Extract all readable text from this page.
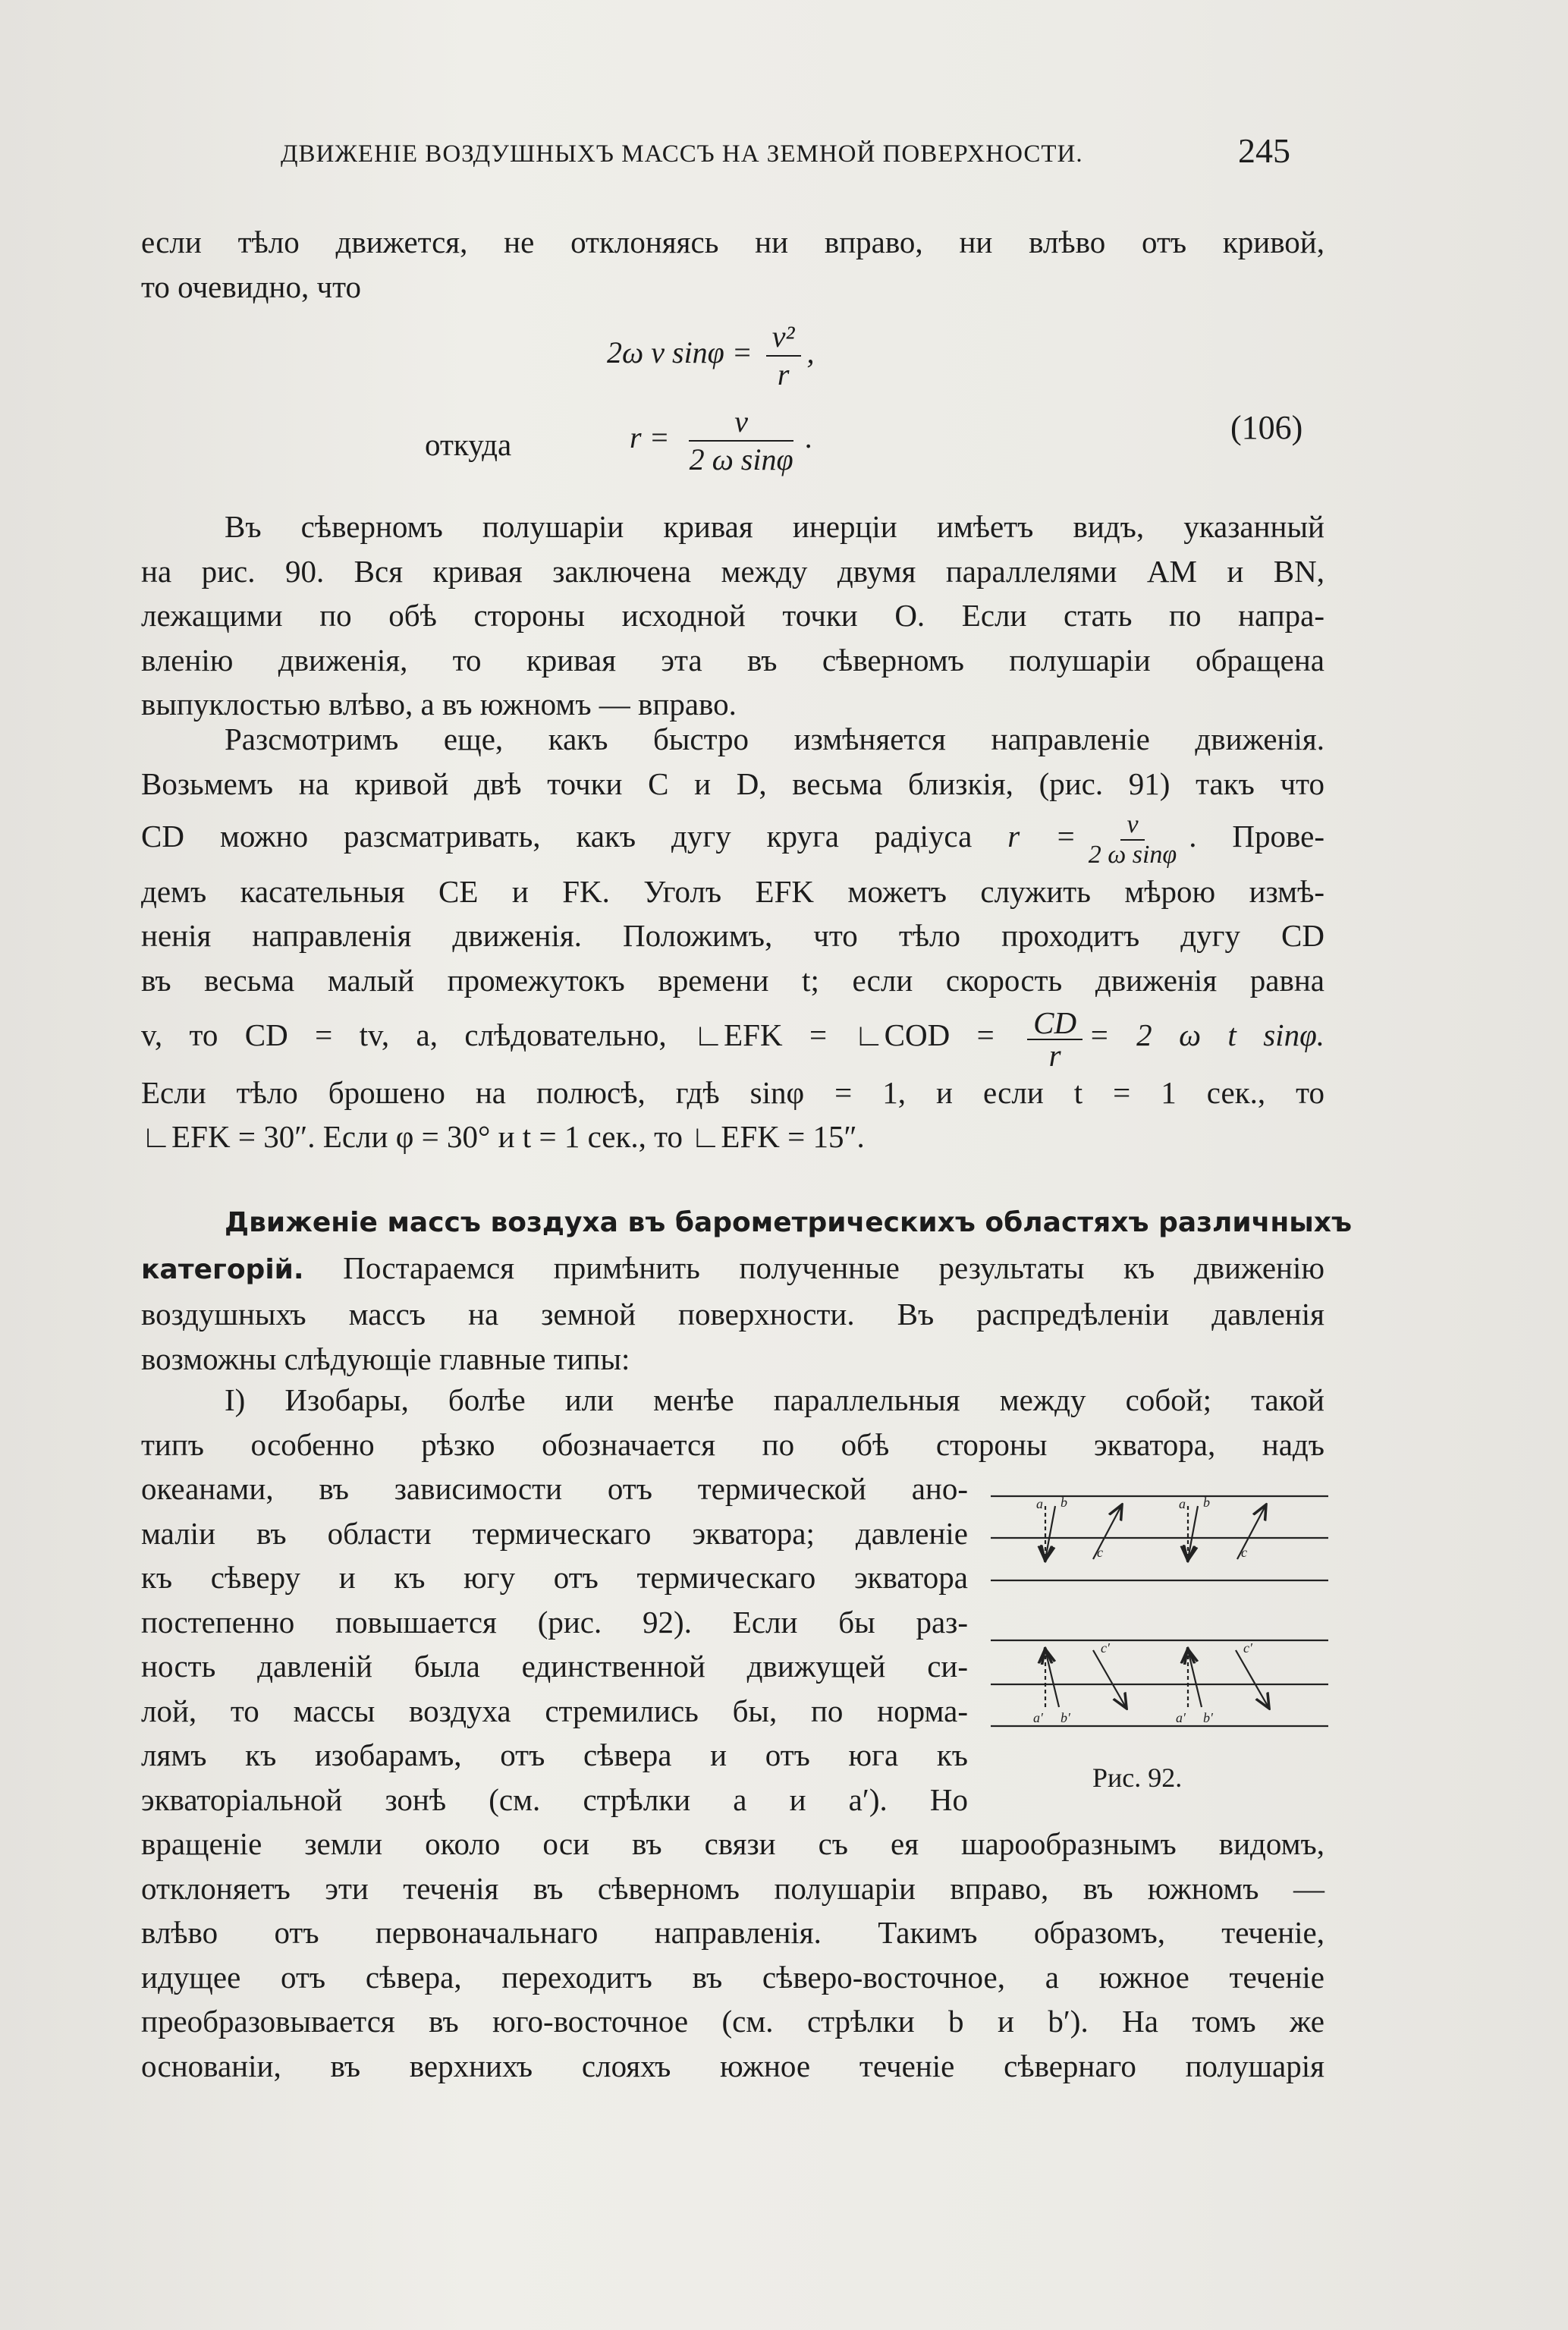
ДВИЖЕНІЕ ВОЗДУШНЫХЪ МАССЪ НА ЗЕМНОЙ ПОВЕРХНОСТИ.	245
если тѣло движется, не отклоняясь ни вправо, ни влѣво отъ кривой,
то очевидно, что
2ω v $\sin\varphi = \frac{\text{v²}}{r}$ ,
откуда	$r = \frac{v}{\text{2 ω sinφ}}$ .	(106)
Въ сѣверномъ полушаріи кривая инерціи имѣетъ видъ, указанный
на рис. 90. Вся кривая заключена между двумя параллелями AM и BN,
лежащими по обѣ стороны исходной точки O. Если стать по напра-
вленію движенія, то кривая эта въ сѣверномъ полушаріи обращена
выпуклостью влѣво, а въ южномъ — вправо.
Разсмотримъ еще, какъ быстро измѣняется направленіе движенія.
Возьмемъ на кривой двѣ точки C и D, весьма близкія, (рис. 91) такъ что
CD можно разсматривать, какъ дугу круга радіуса $r = \frac{v}{\text{2 ω sinφ}}$ . Прове-
демъ касательныя CE и FK. Уголъ EFK можетъ служить мѣрою измѣ-
ненія направленія движенія. Положимъ, что тѣло проходитъ дугу CD
въ весьма малый промежутокъ времени t; если скорость движенія равна
v, то CD = tv, а, слѣдовательно, ∟EFK = ∟COD = $\frac{CD}{r} = 2$ ω t sinφ.
Если тѣло брошено на полюсѣ, гдѣ sinφ = 1, и если t = 1 сек., то
∟EFK = 30″. Если φ = 30° и t = 1 сек., то ∟EFK = 15″.
Движеніе массъ воздуха въ барометрическихъ областяхъ различныхъ
категорій. Постараемся примѣнить полученные результаты къ движенію
воздушныхъ массъ на земной поверхности. Въ распредѣленіи давленія
возможны слѣдующіе главные типы:
I) Изобары, болѣе или менѣе параллельныя между собой; такой
типъ особенно рѣзко обозначается по обѣ стороны экватора, надъ
океанами, въ зависимости отъ термической ано-
маліи въ области термическаго экватора; давленіе
къ сѣверу и къ югу отъ термическаго экватора
постепенно повышается (рис. 92). Если бы раз-
ность давленій была единственной движущей си-
лой, то массы воздуха стремились бы, по норма-
лямъ къ изобарамъ, отъ сѣвера и отъ юга къ
экваторіальной зонѣ (см. стрѣлки a и a′). Но
вращеніе земли около оси въ связи съ ея шарообразнымъ видомъ,
отклоняетъ эти теченія въ сѣверномъ полушаріи вправо, въ южномъ —
влѣво отъ первоначальнаго направленія. Такимъ образомъ, теченіе,
идущее отъ сѣвера, переходитъ въ сѣверо-восточное, а южное теченіе
преобразовывается въ юго-восточное (см. стрѣлки b и b′). На томъ же
основаніи, въ верхнихъ слояхъ южное теченіе сѣвернаго полушарія
a b
c
a b
c
a′ b′
c′
a′ b′
c′
Рис. 92.
